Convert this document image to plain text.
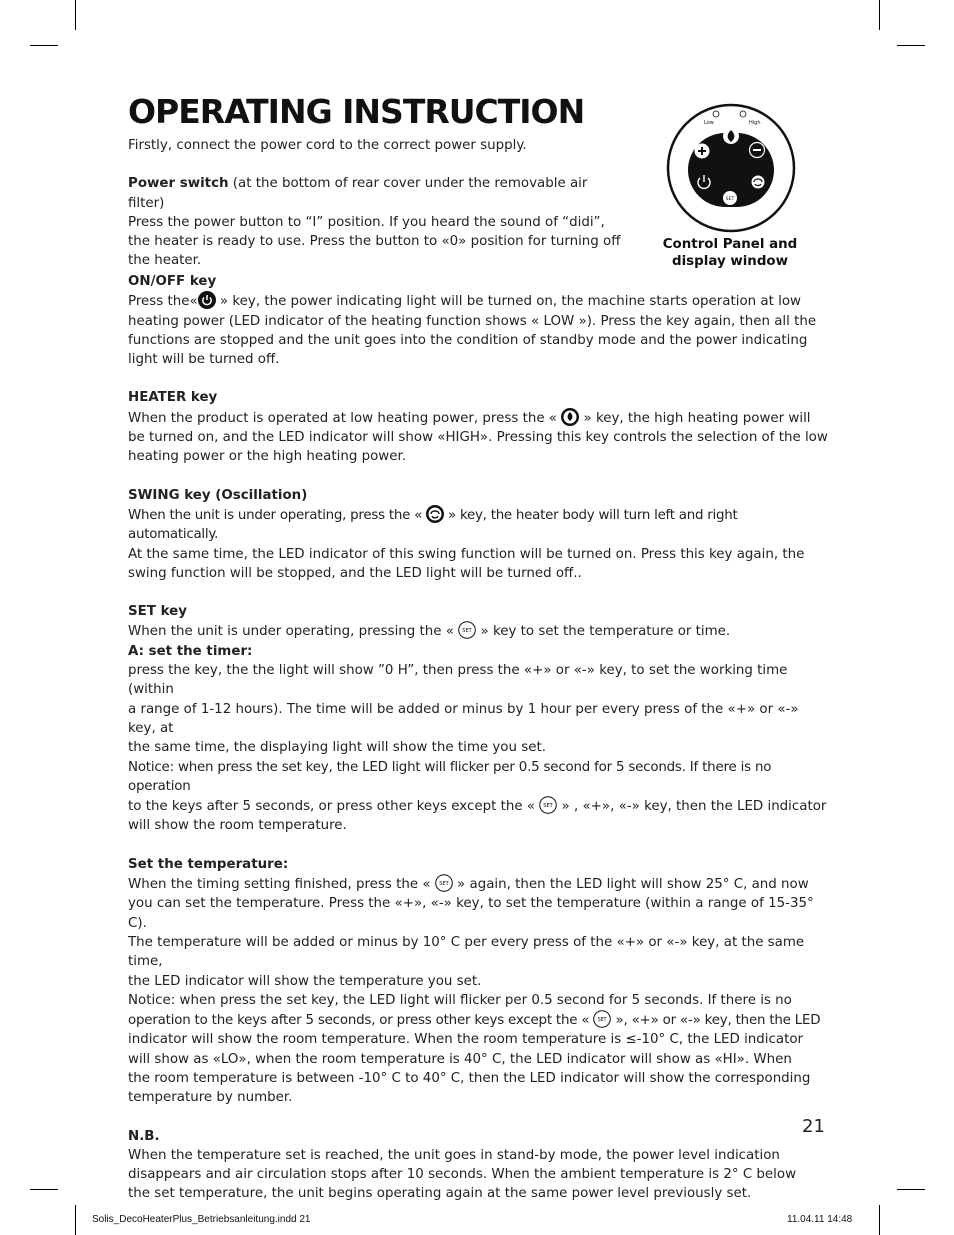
OPERATING INSTRUCTION	Low	High
SET
Control Panel and
display window

Firstly, connect the power cord to the correct power supply.

Power switch (at the bottom of rear cover under the removable air filter)

Press the power button to “I” position. If you heard the sound of “didi”,

the heater is ready to use. Press the button to «0» position for turning off

the heater.

ON/OFF key

Press the«
» key, the power indicating light will be turned on, the machine starts operation at low

heating power (LED indicator of the heating function shows « LOW »). Press the key again, then all the

functions are stopped and the unit goes into the condition of standby mode and the power indicating

light will be turned off.

HEATER key

When the product is operated at low heating power, press the «
» key, the high heating power will

be turned on, and the LED indicator will show «HIGH». Pressing this key controls the selection of the low

heating power or the high heating power.

SWING key (Oscillation)

When the unit is under operating, press the «
» key, the heater body will turn left and right automatically.

At the same time, the LED indicator of this swing function will be turned on. Press this key again, the

swing function will be stopped, and the LED light will be turned off..

SET key

When the unit is under operating, pressing the « SET » key to set the temperature or time.

A: set the timer:

press the key, the the light will show ”0 H”, then press the «+» or «-» key, to set the working time (within

a range of 1-12 hours). The time will be added or minus by 1 hour per every press of the «+» or «-» key, at

the same time, the displaying light will show the time you set.

Notice: when press the set key, the LED light will flicker per 0.5 second for 5 seconds. If there is no operation

to the keys after 5 seconds, or press other keys except the « SET » , «+», «-» key, then the LED indicator

will show the room temperature.

Set the temperature:

When the timing setting finished, press the « SET » again, then the LED light will show 25° C, and now

you can set the temperature. Press the «+», «-» key, to set the temperature (within a range of 15-35° C).

The temperature will be added or minus by 10° C per every press of the «+» or «-» key, at the same time,

the LED indicator will show the temperature you set.

Notice: when press the set key, the LED light will flicker per 0.5 second for 5 seconds. If there is no

operation to the keys after 5 seconds, or press other keys except the « SET », «+» or «-» key, then the LED

indicator will show the room temperature. When the room temperature is ≤-10° C, the LED indicator

will show as «LO», when the room temperature is 40° C, the LED indicator will show as «HI». When

the room temperature is between -10° C to 40° C, then the LED indicator will show the corresponding

temperature by number.

N.B.

When the temperature set is reached, the unit goes in stand-by mode, the power level indication

disappears and air circulation stops after 10 seconds. When the ambient temperature is 2° C below

the set temperature, the unit begins operating again at the same power level previously set.

21
Solis_DecoHeaterPlus_Betriebsanleitung.indd 21	11.04.11 14:48
